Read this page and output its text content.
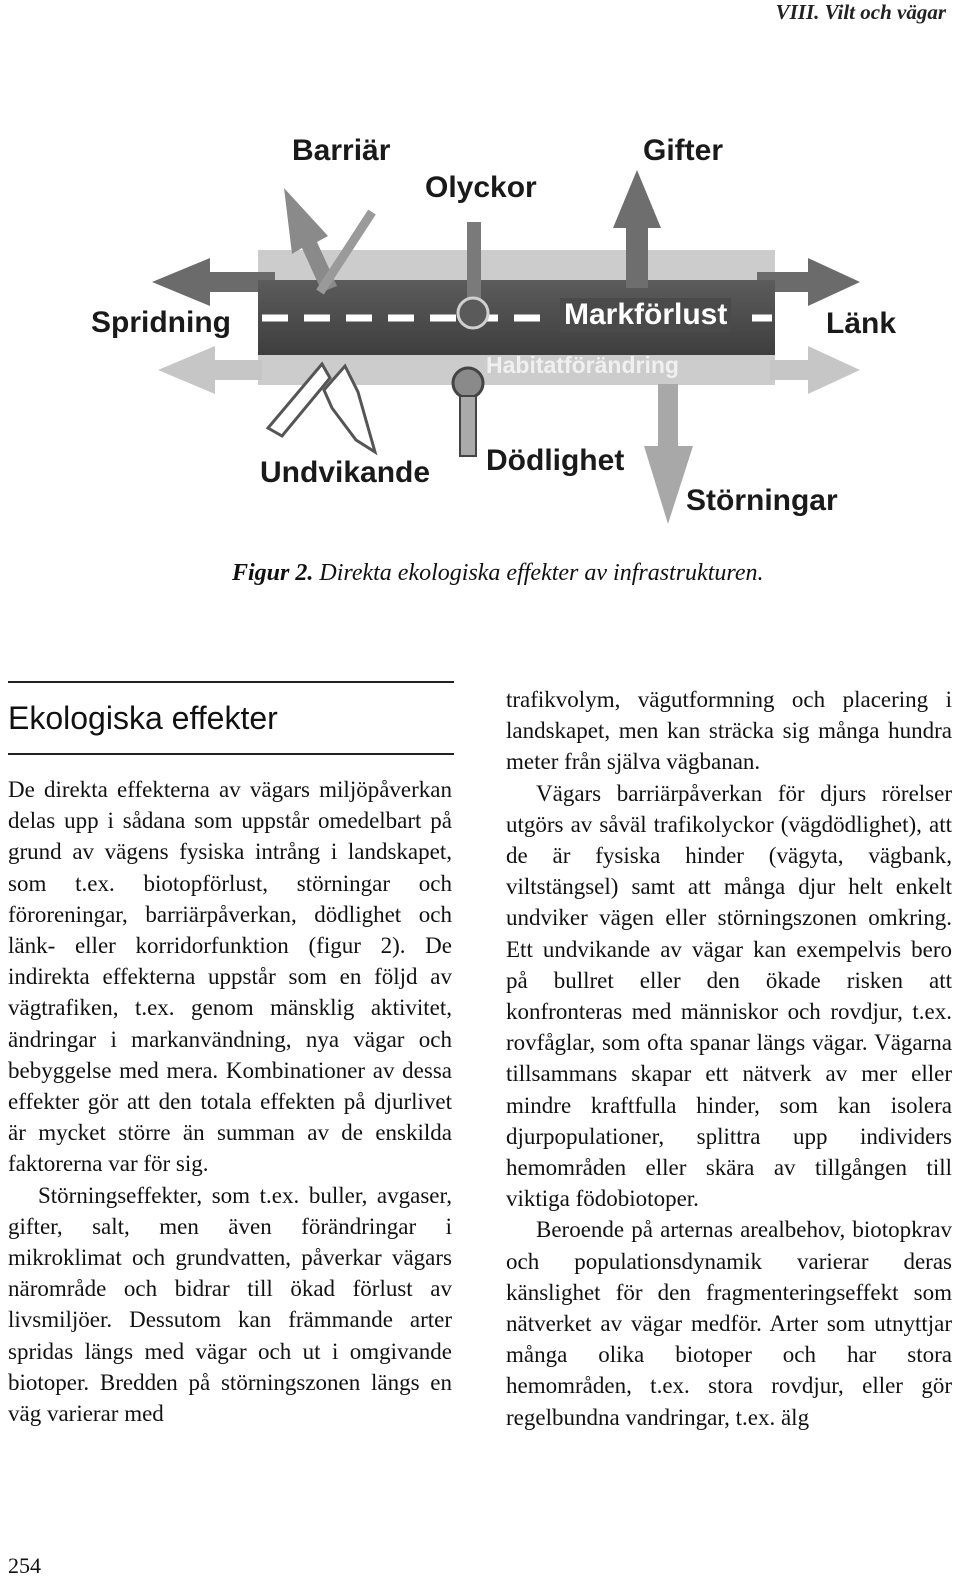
VIII. Vilt och vägar
Barriär
Olyckor
Gifter
Spridning	Markförlust	Länk
Habitatförändring
Undvikande Dödlighet
Störningar
Figur 2. Direkta ekologiska effekter av infrastrukturen.
Ekologiska effekter

De direkta effekterna av vägars miljöpåverkan delas upp i sådana som uppstår omedelbart på grund av vägens fysiska intrång i landskapet, som t.ex. biotopförlust, störningar och föroreningar, barriärpåverkan, dödlighet och länk- eller korridorfunktion (figur 2). De indirekta effekterna uppstår som en följd av vägtrafiken, t.ex. genom mänsklig aktivitet, ändringar i markanvändning, nya vägar och bebyggelse med mera. Kombinationer av dessa effekter gör att den totala effekten på djurlivet är mycket större än summan av de enskilda faktorerna var för sig.

Störningseffekter, som t.ex. buller, avgaser, gifter, salt, men även förändringar i mikroklimat och grundvatten, påverkar vägars närområde och bidrar till ökad förlust av livsmiljöer. Dessutom kan främmande arter spridas längs med vägar och ut i omgivande biotoper. Bredden på störningszonen längs en väg varierar med

trafikvolym, vägutformning och placering i landskapet, men kan sträcka sig många hundra meter från själva vägbanan.

Vägars barriärpåverkan för djurs rörelser utgörs av såväl trafikolyckor (vägdödlighet), att de är fysiska hinder (vägyta, vägbank, viltstängsel) samt att många djur helt enkelt undviker vägen eller störningszonen omkring. Ett undvikande av vägar kan exempelvis bero på bullret eller den ökade risken att konfronteras med människor och rovdjur, t.ex. rovfåglar, som ofta spanar längs vägar. Vägarna tillsammans skapar ett nätverk av mer eller mindre kraftfulla hinder, som kan isolera djurpopulationer, splittra upp individers hemområden eller skära av tillgången till viktiga födobiotoper.

Beroende på arternas arealbehov, biotopkrav och populationsdynamik varierar deras känslighet för den fragmenteringseffekt som nätverket av vägar medför. Arter som utnyttjar många olika biotoper och har stora hemområden, t.ex. stora rovdjur, eller gör regelbundna vandringar, t.ex. älg

254
